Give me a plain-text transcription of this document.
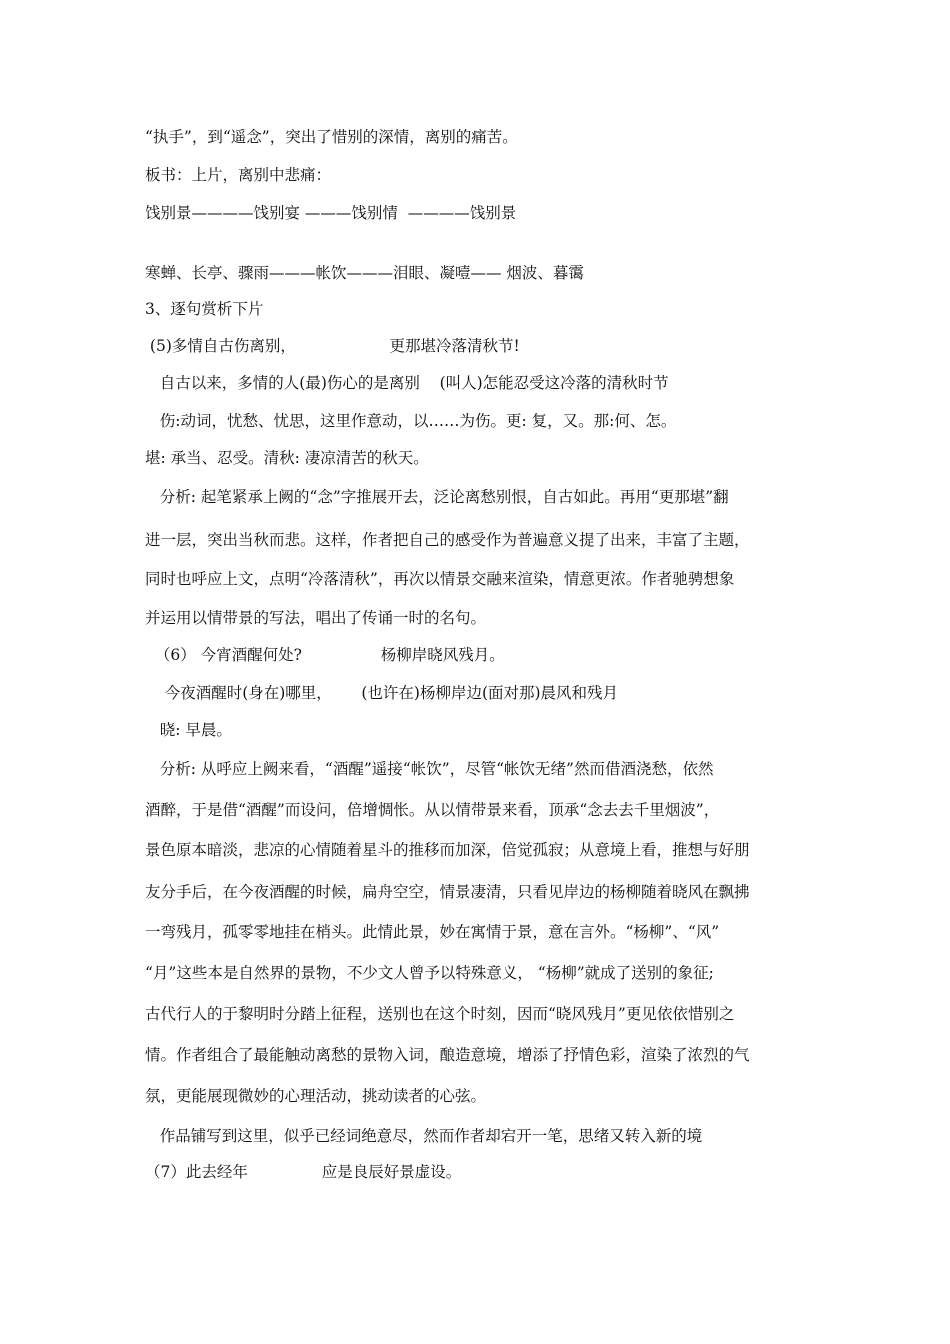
“执手”，到“遥念”，突出了惜别的深情，离别的痛苦。
板书：上片，离别中悲痛：
饯别景————饯别宴 ———饯别情  ————饯别景
寒蝉、长亭、骤雨———帐饮———泪眼、凝噎—— 烟波、暮霭
3、逐句赏析下片
(5)多情自古伤离别，                   更那堪冷落清秋节!
自古以来，多情的人(最)伤心的是离别    (叫人)怎能忍受这冷落的清秋时节
伤:动词，忧愁、忧思，这里作意动，以……为伤。更: 复，又。那:何、怎。
堪: 承当、忍受。清秋: 凄凉清苦的秋天。
分析: 起笔紧承上阙的“念”字推展开去，泛论离愁别恨，自古如此。再用“更那堪”翻
进一层，突出当秋而悲。这样，作者把自己的感受作为普遍意义提了出来，丰富了主题，
同时也呼应上文，点明“冷落清秋”，再次以情景交融来渲染，情意更浓。作者驰骋想象
并运用以情带景的写法，唱出了传诵一时的名句。
（6） 今宵酒醒何处?                杨柳岸晓风残月。
今夜酒醒时(身在)哪里，      (也许在)杨柳岸边(面对那)晨风和残月
晓: 早晨。
分析: 从呼应上阙来看，“酒醒”遥接“帐饮”，尽管“帐饮无绪”然而借酒浇愁，依然
酒醉，于是借“酒醒”而设问，倍增惆怅。从以情带景来看，顶承“念去去千里烟波”，
景色原本暗淡，悲凉的心情随着星斗的推移而加深，倍觉孤寂；从意境上看，推想与好朋
友分手后，在今夜酒醒的时候，扁舟空空，情景凄清，只看见岸边的杨柳随着晓风在飘拂
一弯残月，孤零零地挂在梢头。此情此景，妙在寓情于景，意在言外。“杨柳”、“风”
“月”这些本是自然界的景物，不少文人曾予以特殊意义， “杨柳”就成了送别的象征;
古代行人的于黎明时分踏上征程，送别也在这个时刻，因而“晓风残月”更见依依惜别之
情。作者组合了最能触动离愁的景物入词，酿造意境，增添了抒情色彩，渲染了浓烈的气
氛，更能展现微妙的心理活动，挑动读者的心弦。
作品铺写到这里，似乎已经词绝意尽，然而作者却宕开一笔，思绪又转入新的境
（7）此去经年               应是良辰好景虚设。
